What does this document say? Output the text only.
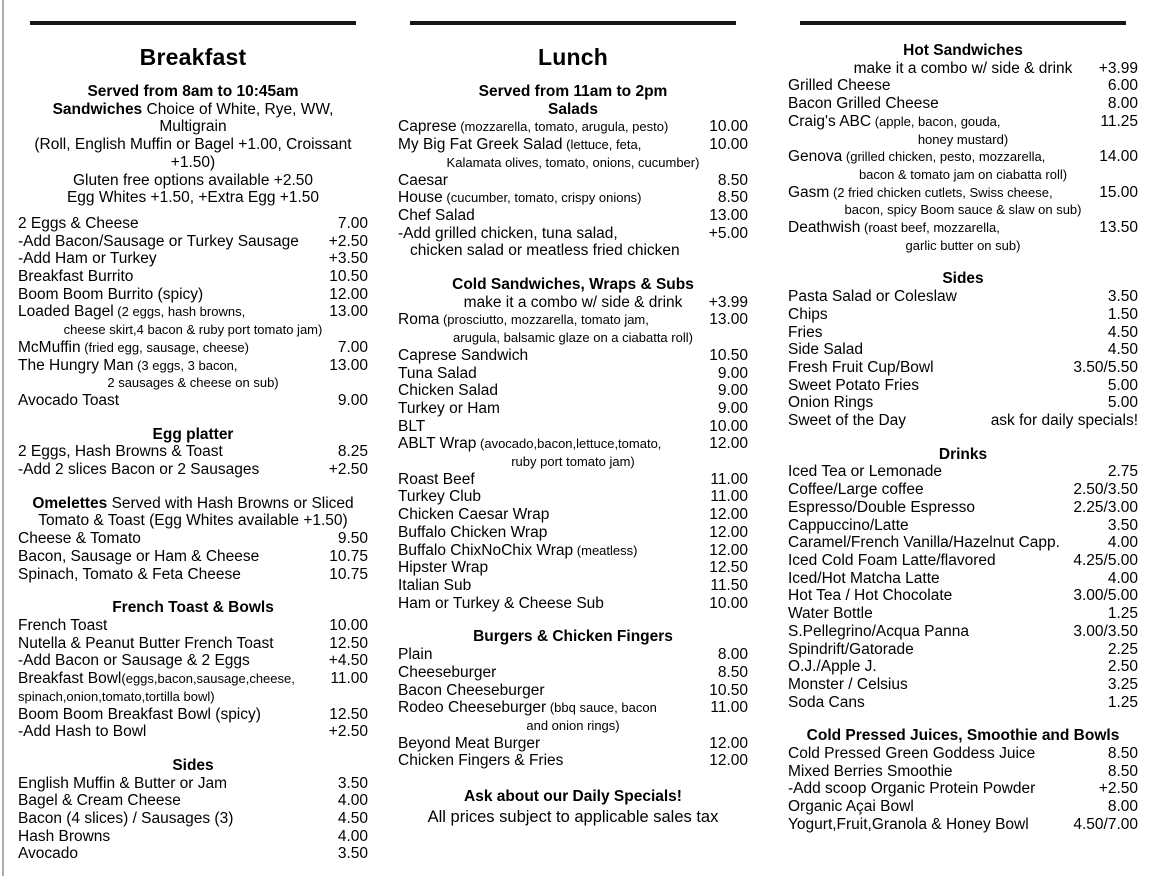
Breakfast
Served from 8am to 10:45am
Sandwiches Choice of White, Rye, WW, Multigrain
(Roll, English Muffin or Bagel +1.00, Croissant +1.50)
Gluten free options available +2.50
Egg Whites +1.50, +Extra Egg +1.50
2 Eggs & Cheese	7.00
-Add Bacon/Sausage or Turkey Sausage	+2.50
-Add Ham or Turkey	+3.50
Breakfast Burrito	10.50
Boom Boom Burrito (spicy)	12.00
Loaded Bagel (2 eggs, hash browns,	13.00
cheese skirt,4 bacon & ruby port tomato jam)
McMuffin (fried egg, sausage, cheese)	7.00
The Hungry Man (3 eggs, 3 bacon,	13.00
2 sausages & cheese on sub)
Avocado Toast	9.00
Egg platter
2 Eggs, Hash Browns & Toast	8.25
-Add 2 slices Bacon or 2 Sausages	+2.50
Omelettes Served with Hash Browns or Sliced
Tomato & Toast (Egg Whites available +1.50)
Cheese & Tomato	9.50
Bacon, Sausage or Ham & Cheese	10.75
Spinach, Tomato & Feta Cheese	10.75
French Toast & Bowls
French Toast	10.00
Nutella & Peanut Butter French Toast	12.50
-Add Bacon or Sausage & 2 Eggs	+4.50
Breakfast Bowl(eggs,bacon,sausage,cheese,	11.00
spinach,onion,tomato,tortilla bowl)
Boom Boom Breakfast Bowl (spicy)	12.50
-Add Hash to Bowl	+2.50
Sides
English Muffin & Butter or Jam	3.50
Bagel & Cream Cheese	4.00
Bacon (4 slices) / Sausages (3)	4.50
Hash Browns	4.00
Avocado	3.50
Lunch
Served from 11am to 2pm
Salads
Caprese (mozzarella, tomato, arugula, pesto)	10.00
My Big Fat Greek Salad (lettuce, feta,	10.00
Kalamata olives, tomato, onions, cucumber)
Caesar	8.50
House (cucumber, tomato, crispy onions)	8.50
Chef Salad	13.00
-Add grilled chicken, tuna salad,	+5.00
chicken salad or meatless fried chicken
Cold Sandwiches, Wraps & Subs
make it a combo w/ side & drink	+3.99
Roma (prosciutto, mozzarella, tomato jam,	13.00
arugula, balsamic glaze on a ciabatta roll)
Caprese Sandwich	10.50
Tuna Salad	9.00
Chicken Salad	9.00
Turkey or Ham	9.00
BLT	10.00
ABLT Wrap (avocado,bacon,lettuce,tomato,	12.00
ruby port tomato jam)
Roast Beef	11.00
Turkey Club	11.00
Chicken Caesar Wrap	12.00
Buffalo Chicken Wrap	12.00
Buffalo ChixNoChix Wrap (meatless)	12.00
Hipster Wrap	12.50
Italian Sub	11.50
Ham or Turkey & Cheese Sub	10.00
Burgers & Chicken Fingers
Plain	8.00
Cheeseburger	8.50
Bacon Cheeseburger	10.50
Rodeo Cheeseburger (bbq sauce, bacon	11.00
and onion rings)
Beyond Meat Burger	12.00
Chicken Fingers & Fries	12.00
Ask about our Daily Specials!
All prices subject to applicable sales tax
Hot Sandwiches
make it a combo w/ side & drink	+3.99
Grilled Cheese	6.00
Bacon Grilled Cheese	8.00
Craig's ABC (apple, bacon, gouda,	11.25
honey mustard)
Genova (grilled chicken, pesto, mozzarella,	14.00
bacon & tomato jam on ciabatta roll)
Gasm (2 fried chicken cutlets, Swiss cheese,	15.00
bacon, spicy Boom sauce & slaw on sub)
Deathwish (roast beef, mozzarella,	13.50
garlic butter on sub)
Sides
Pasta Salad or Coleslaw	3.50
Chips	1.50
Fries	4.50
Side Salad	4.50
Fresh Fruit Cup/Bowl	3.50/5.50
Sweet Potato Fries	5.00
Onion Rings	5.00
Sweet of the Day	ask for daily specials!
Drinks
Iced Tea or Lemonade	2.75
Coffee/Large coffee	2.50/3.50
Espresso/Double Espresso	2.25/3.00
Cappuccino/Latte	3.50
Caramel/French Vanilla/Hazelnut Capp.	4.00
Iced Cold Foam Latte/flavored	4.25/5.00
Iced/Hot Matcha Latte	4.00
Hot Tea / Hot Chocolate	3.00/5.00
Water Bottle	1.25
S.Pellegrino/Acqua Panna	3.00/3.50
Spindrift/Gatorade	2.25
O.J./Apple J.	2.50
Monster / Celsius	3.25
Soda Cans	1.25
Cold Pressed Juices, Smoothie and Bowls
Cold Pressed Green Goddess Juice	8.50
Mixed Berries Smoothie	8.50
-Add scoop Organic Protein Powder	+2.50
Organic Açai Bowl	8.00
Yogurt,Fruit,Granola & Honey Bowl	4.50/7.00
